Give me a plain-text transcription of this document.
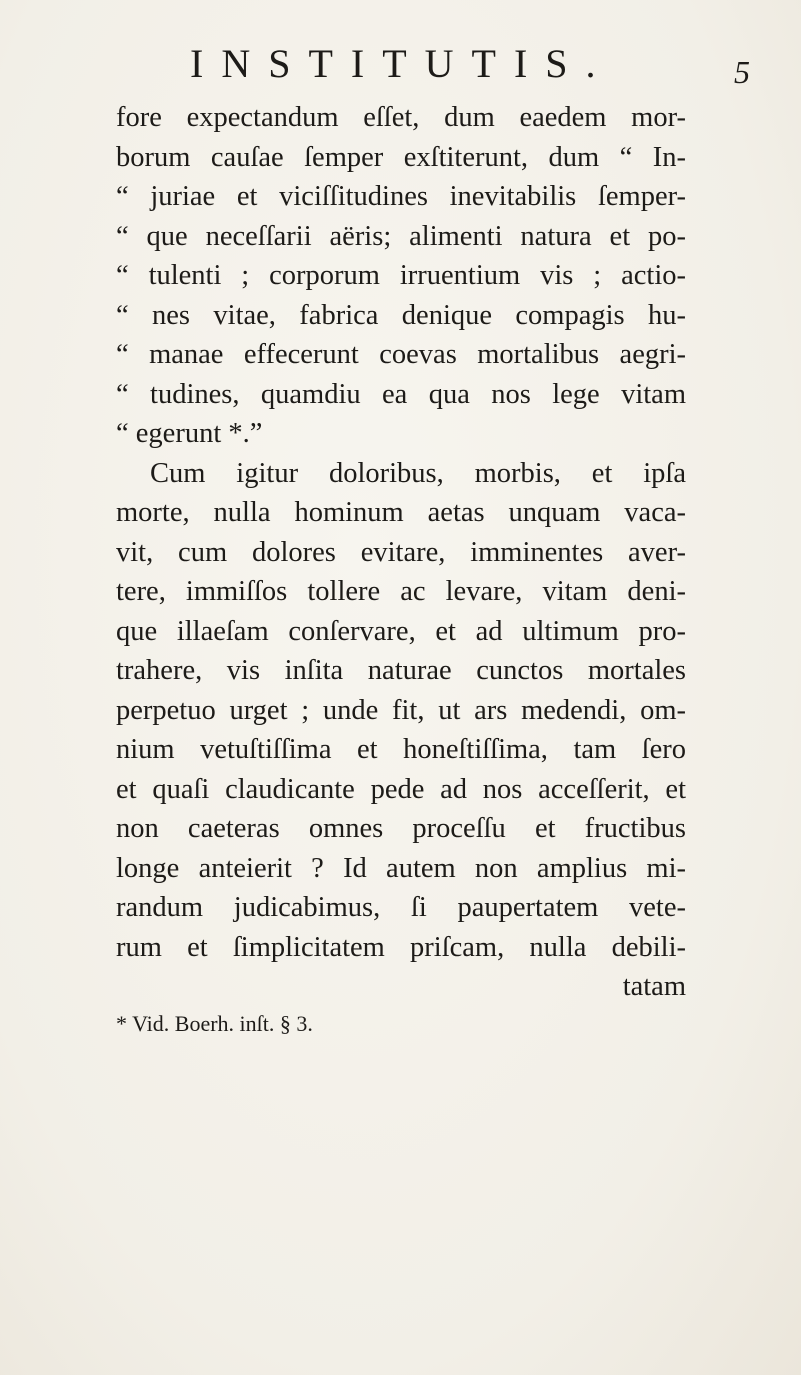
INSTITUTIS.	5
fore expectandum eſſet, dum eaedem mor-
borum cauſae ſemper exſtiterunt, dum “ In-
“ juriae et viciſſitudines inevitabilis ſemper-
“ que neceſſarii aëris; alimenti natura et po-
“ tulenti ; corporum irruentium vis ; actio-
“ nes vitae, fabrica denique compagis hu-
“ manae effecerunt coevas mortalibus aegri-
“ tudines, quamdiu ea qua nos lege vitam
“ egerunt *.”
Cum igitur doloribus, morbis, et ipſa
morte, nulla hominum aetas unquam vaca-
vit, cum dolores evitare, imminentes aver-
tere, immiſſos tollere ac levare, vitam deni-
que illaeſam conſervare, et ad ultimum pro-
trahere, vis inſita naturae cunctos mortales
perpetuo urget ; unde fit, ut ars medendi, om-
nium vetuſtiſſima et honeſtiſſima, tam ſero
et quaſi claudicante pede ad nos acceſſerit, et
non caeteras omnes proceſſu et fructibus
longe anteierit ? Id autem non amplius mi-
randum judicabimus, ſi paupertatem vete-
rum et ſimplicitatem priſcam, nulla debili-
tatam
* Vid. Boerh. inſt. § 3.
